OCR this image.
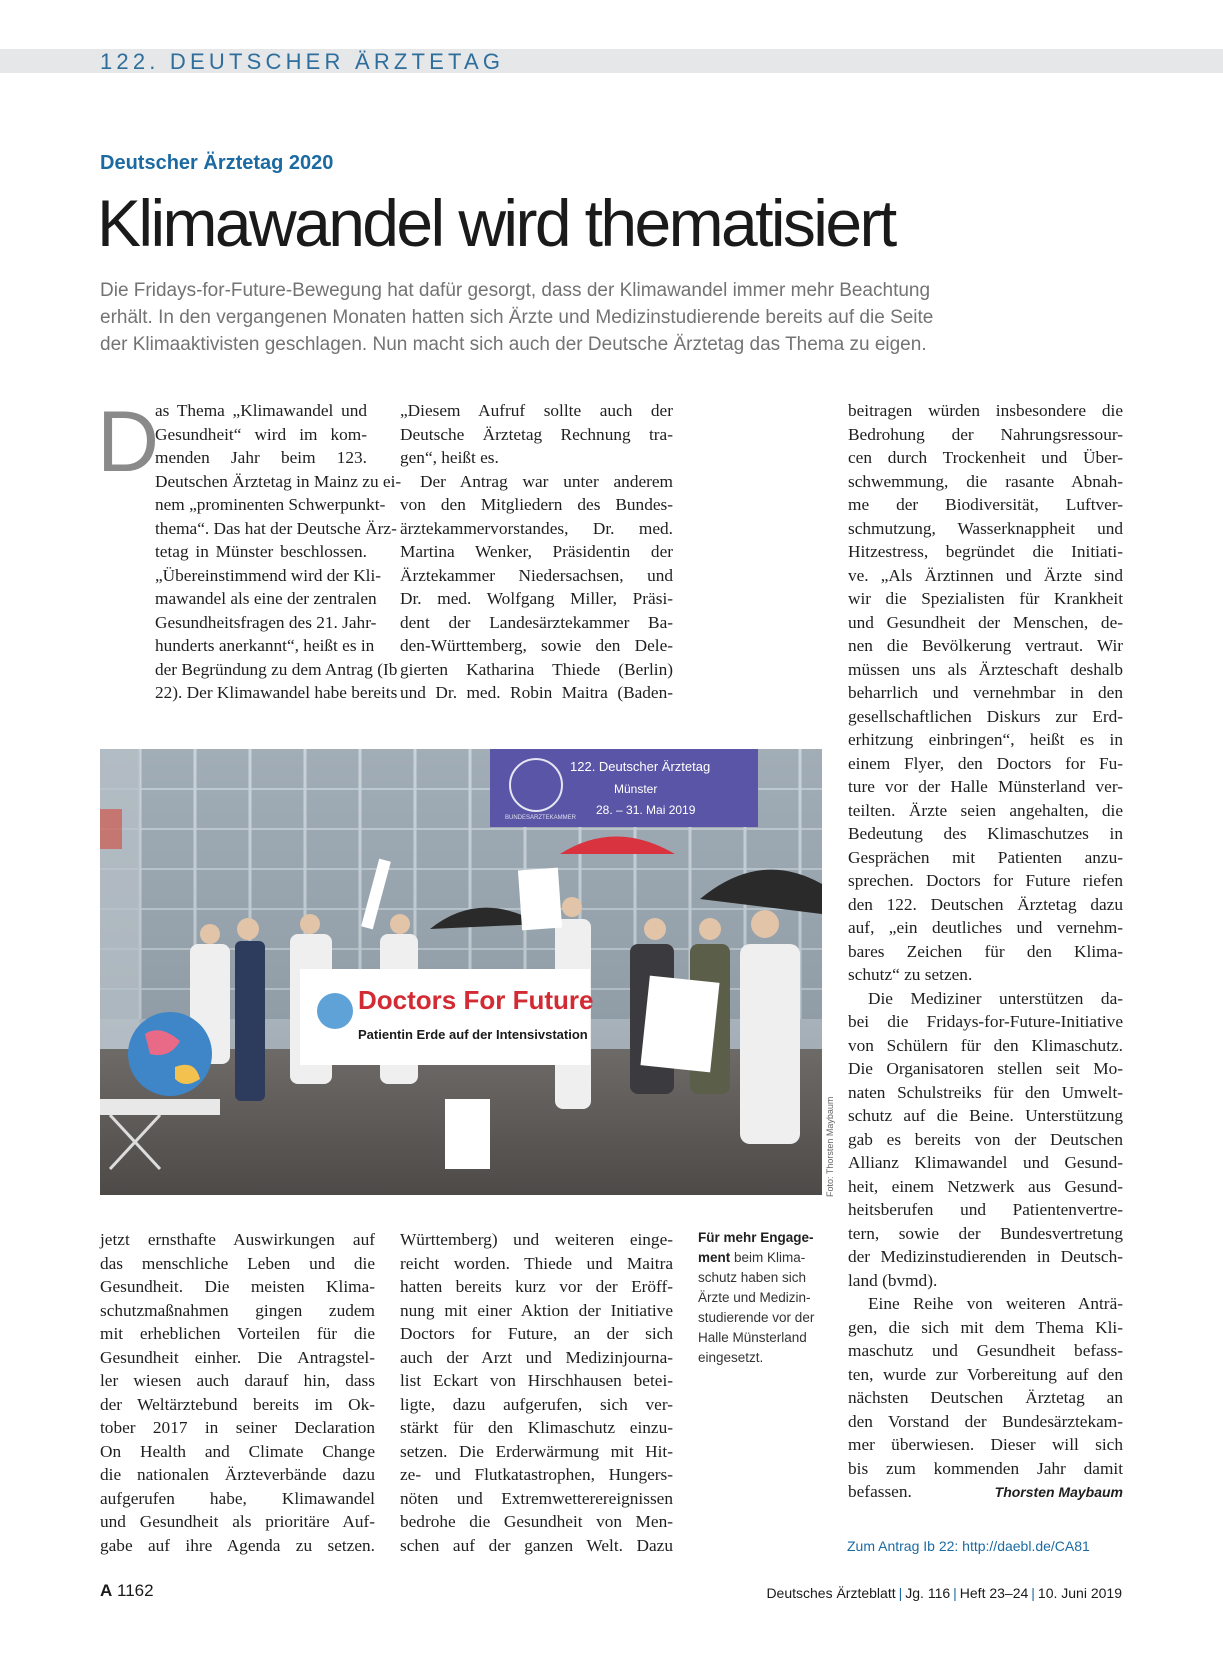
122. DEUTSCHER ÄRZTETAG
Deutscher Ärztetag 2020
Klimawandel wird thematisiert
Die Fridays-for-Future-Bewegung hat dafür gesorgt, dass der Klimawandel immer mehr Beachtung
erhält. In den vergangenen Monaten hatten sich Ärzte und Medizinstudierende bereits auf die Seite
der Klimaaktivisten geschlagen. Nun macht sich auch der Deutsche Ärztetag das Thema zu eigen.
D
as Thema „Klimawandel und
Gesundheit“ wird im kom-
menden Jahr beim 123.
Deutschen Ärztetag in Mainz zu ei-
nem „prominenten Schwerpunkt-
thema“. Das hat der Deutsche Ärz-
tetag in Münster beschlossen.
„Übereinstimmend wird der Kli-
mawandel als eine der zentralen
Gesundheitsfragen des 21. Jahr-
hunderts anerkannt“, heißt es in
der Begründung zu dem Antrag (Ib
22). Der Klimawandel habe bereits
„Diesem Aufruf sollte auch der
Deutsche Ärztetag Rechnung tra-
gen“, heißt es.
Der Antrag war unter anderem
von den Mitgliedern des Bundes-
ärztekammervorstandes, Dr. med.
Martina Wenker, Präsidentin der
Ärztekammer Niedersachsen, und
Dr. med. Wolfgang Miller, Präsi-
dent der Landesärztekammer Ba-
den-Württemberg, sowie den Dele-
gierten Katharina Thiede (Berlin)
und Dr. med. Robin Maitra (Baden-
beitragen würden insbesondere die
Bedrohung der Nahrungsressour-
cen durch Trockenheit und Über-
schwemmung, die rasante Abnah-
me der Biodiversität, Luftver-
schmutzung, Wasserknappheit und
Hitzestress, begründet die Initiati-
ve. „Als Ärztinnen und Ärzte sind
wir die Spezialisten für Krankheit
und Gesundheit der Menschen, de-
nen die Bevölkerung vertraut. Wir
müssen uns als Ärzteschaft deshalb
beharrlich und vernehmbar in den
gesellschaftlichen Diskurs zur Erd-
erhitzung einbringen“, heißt es in
einem Flyer, den Doctors for Fu-
ture vor der Halle Münsterland ver-
teilten. Ärzte seien angehalten, die
Bedeutung des Klimaschutzes in
Gesprächen mit Patienten anzu-
sprechen. Doctors for Future riefen
den 122. Deutschen Ärztetag dazu
auf, „ein deutliches und vernehm-
bares Zeichen für den Klima-
schutz“ zu setzen.
Die Mediziner unterstützen da-
bei die Fridays-for-Future-Initiative
von Schülern für den Klimaschutz.
Die Organisatoren stellen seit Mo-
naten Schulstreiks für den Umwelt-
schutz auf die Beine. Unterstützung
gab es bereits von der Deutschen
Allianz Klimawandel und Gesund-
heit, einem Netzwerk aus Gesund-
heitsberufen und Patientenvertre-
tern, sowie der Bundesvertretung
der Medizinstudierenden in Deutsch-
land (bvmd).
Eine Reihe von weiteren Anträ-
gen, die sich mit dem Thema Kli-
maschutz und Gesundheit befass-
ten, wurde zur Vorbereitung auf den
nächsten Deutschen Ärztetag an
den Vorstand der Bundesärztekam-
mer überwiesen. Dieser will sich
bis zum kommenden Jahr damit
befassen.	Thorsten Maybaum
jetzt ernsthafte Auswirkungen auf
das menschliche Leben und die
Gesundheit. Die meisten Klima-
schutzmaßnahmen gingen zudem
mit erheblichen Vorteilen für die
Gesundheit einher. Die Antragstel-
ler wiesen auch darauf hin, dass
der Weltärztebund bereits im Ok-
tober 2017 in seiner Declaration
On Health and Climate Change
die nationalen Ärzteverbände dazu
aufgerufen habe, Klimawandel
und Gesundheit als prioritäre Auf-
gabe auf ihre Agenda zu setzen.
Württemberg) und weiteren einge-
reicht worden. Thiede und Maitra
hatten bereits kurz vor der Eröff-
nung mit einer Aktion der Initiative
Doctors for Future, an der sich
auch der Arzt und Medizinjourna-
list Eckart von Hirschhausen betei-
ligte, dazu aufgerufen, sich ver-
stärkt für den Klimaschutz einzu-
setzen. Die Erderwärmung mit Hit-
ze- und Flutkatastrophen, Hungers-
nöten und Extremwetterereignissen
bedrohe die Gesundheit von Men-
schen auf der ganzen Welt. Dazu
122. Deutscher Ärztetag
Münster
28. – 31. Mai 2019
BUNDESÄRZTEKAMMER
Doctors For Future
Patientin Erde auf der Intensivstation
Foto: Thorsten Maybaum
Für mehr Engage-
ment beim Klima-
schutz haben sich
Ärzte und Medizin-
studierende vor der
Halle Münsterland
eingesetzt.
Zum Antrag Ib 22: http://daebl.de/CA81
A 1162	Deutsches Ärzteblatt | Jg. 116 | Heft 23–24 | 10. Juni 2019
